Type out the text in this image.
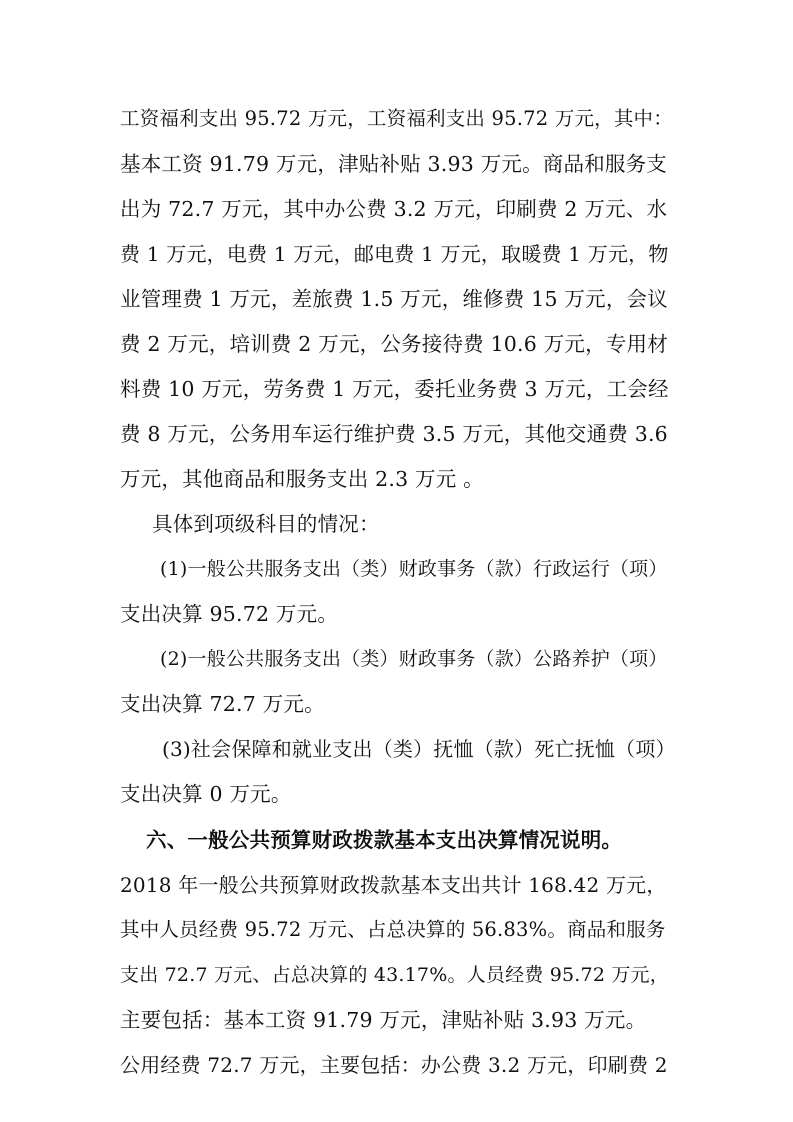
工资福利支出 95.72 万元，工资福利支出 95.72 万元，其中：
基本工资 91.79 万元，津贴补贴 3.93 万元。商品和服务支
出为 72.7 万元，其中办公费 3.2 万元，印刷费 2 万元、水
费 1 万元，电费 1 万元，邮电费 1 万元，取暖费 1 万元，物
业管理费 1 万元，差旅费 1.5 万元，维修费 15 万元，会议
费 2 万元，培训费 2 万元，公务接待费 10.6 万元，专用材
料费 10 万元，劳务费 1 万元，委托业务费 3 万元，工会经
费 8 万元，公务用车运行维护费 3.5 万元，其他交通费 3.6
万元，其他商品和服务支出 2.3 万元 。
具体到项级科目的情况：
(1)一般公共服务支出（类）财政事务（款）行政运行（项）
支出决算 95.72 万元。
(2)一般公共服务支出（类）财政事务（款）公路养护（项）
支出决算 72.7 万元。
(3)社会保障和就业支出（类）抚恤（款）死亡抚恤（项）
支出决算 0 万元。
六、一般公共预算财政拨款基本支出决算情况说明。
2018 年一般公共预算财政拨款基本支出共计 168.42 万元，
其中人员经费 95.72 万元、占总决算的 56.83%。商品和服务
支出 72.7 万元、占总决算的 43.17%。人员经费 95.72 万元，
主要包括：基本工资 91.79 万元，津贴补贴 3.93 万元。
公用经费 72.7 万元，主要包括：办公费 3.2 万元，印刷费 2
